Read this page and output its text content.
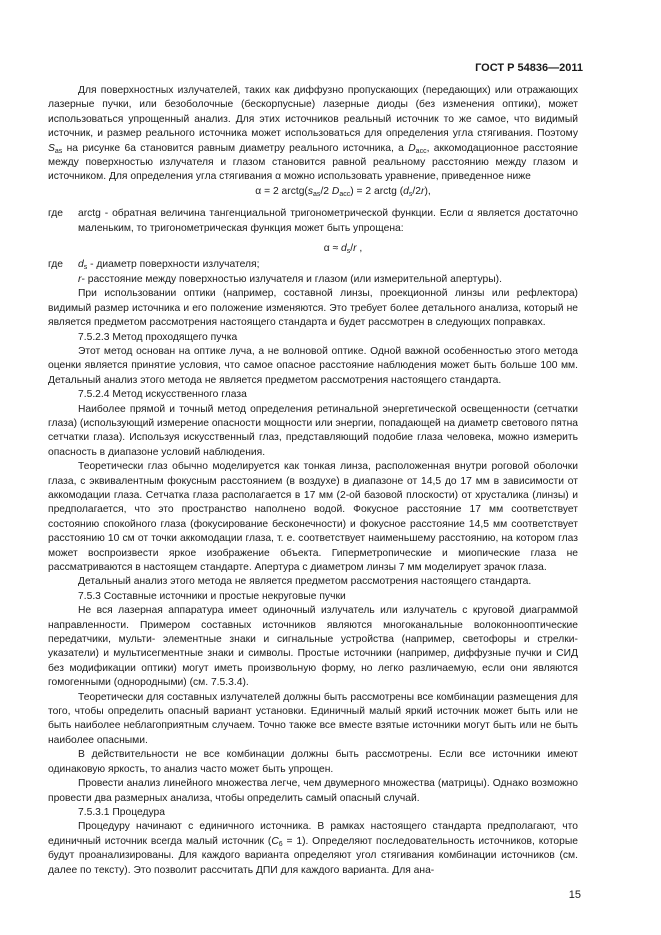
ГОСТ Р 54836—2011

Для поверхностных излучателей, таких как диффузно пропускающих (передающих) или отражающих лазерные пучки, или безоболочные (бескорпусные) лазерные диоды (без изменения оптики), может использоваться упрощенный анализ. Для этих источников реальный источник то же самое, что видимый источник, и размер реального источника может использоваться для определения угла стягивания. Поэтому $S_{as}$ на рисунке 6а становится равным диаметру реального источника, а $D_{acc}$, аккомодационное расстояние между поверхностью излучателя и глазом становится равной реальному расстоянию между глазом и источником. Для определения угла стягивания α можно использовать уравнение, приведенное ниже

α = 2 $arctg(s_{as}/2$ $D_{acc}) = 2$ arctg $(d_s/2r)$,

где arctg - обратная величина тангенциальной тригонометрической функции. Если α является достаточно маленьким, то тригонометрическая функция может быть упрощена:

$\alpha \approx d_s/r$ ,

где $d_s$ - диаметр поверхности излучателя;
r- расстояние между поверхностью излучателя и глазом (или измерительной апертуры).

При использовании оптики (например, составной линзы, проекционной линзы или рефлектора) видимый размер источника и его положение изменяются. Это требует более детального анализа, который не является предметом рассмотрения настоящего стандарта и будет рассмотрен в следующих поправках.

7.5.2.3 Метод проходящего пучка

Этот метод основан на оптике луча, а не волновой оптике. Одной важной особенностью этого метода оценки является принятие условия, что самое опасное расстояние наблюдения может быть больше 100 мм. Детальный анализ этого метода не является предметом рассмотрения настоящего стандарта.

7.5.2.4 Метод искусственного глаза

Наиболее прямой и точный метод определения ретинальной энергетической освещенности (сетчатки глаза) (использующий измерение опасности мощности или энергии, попадающей на диаметр светового пятна сетчатки глаза). Используя искусственный глаз, представляющий подобие глаза человека, можно измерить опасность в диапазоне условий наблюдения.

Теоретически глаз обычно моделируется как тонкая линза, расположенная внутри роговой оболочки глаза, с эквивалентным фокусным расстоянием (в воздухе) в диапазоне от 14,5 до 17 мм в зависимости от аккомодации глаза. Сетчатка глаза располагается в 17 мм (2-ой базовой плоскости) от хрусталика (линзы) и предполагается, что это пространство наполнено водой. Фокусное расстояние 17 мм соответствует состоянию спокойного глаза (фокусирование бесконечности) и фокусное расстояние 14,5 мм соответствует расстоянию 10 см от точки аккомодации глаза, т. е. соответствует наименьшему расстоянию, на котором глаз может воспроизвести яркое изображение объекта. Гиперметропические и миопические глаза не рассматриваются в настоящем стандарте. Апертура с диаметром линзы 7 мм моделирует зрачок глаза.

Детальный анализ этого метода не является предметом рассмотрения настоящего стандарта.

7.5.3 Составные источники и простые некруговые пучки

Не вся лазерная аппаратура имеет одиночный излучатель или излучатель с круговой диаграммой направленности. Примером составных источников являются многоканальные волоконнооптические передатчики, мульти- элементные знаки и сигнальные устройства (например, светофоры и стрелки-указатели) и мультисегментные знаки и символы. Простые источники (например, диффузные пучки и СИД без модификации оптики) могут иметь произвольную форму, но легко различаемую, если они являются гомогенными (однородными) (см. 7.5.3.4).

Теоретически для составных излучателей должны быть рассмотрены все комбинации размещения для того, чтобы определить опасный вариант установки. Единичный малый яркий источник может быть или не быть наиболее неблагоприятным случаем. Точно также все вместе взятые источники могут быть или не быть наиболее опасными.

В действительности не все комбинации должны быть рассмотрены. Если все источники имеют одинаковую яркость, то анализ часто может быть упрощен.

Провести анализ линейного множества легче, чем двумерного множества (матрицы). Однако возможно провести два размерных анализа, чтобы определить самый опасный случай.

7.5.3.1 Процедура

Процедуру начинают с единичного источника. В рамках настоящего стандарта предполагают, что единичный источник всегда малый источник $(C_6 = 1)$. Определяют последовательность источников, которые будут проанализированы. Для каждого варианта определяют угол стягивания комбинации источников (см. далее по тексту). Это позволит рассчитать ДПИ для каждого варианта. Для ана-

15
